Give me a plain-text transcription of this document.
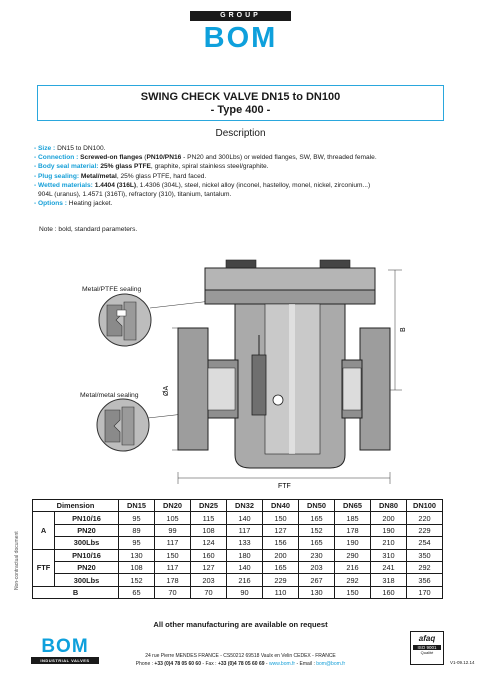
GROUP
BOM
SWING CHECK VALVE DN15 to DN100
- Type 400 -
Description
- Size : DN15 to DN100.
- Connection : Screwed-on flanges (PN10/PN16 - PN20 and 300Lbs) or welded flanges, SW, BW, threaded female.
- Body seal material: 25% glass PTFE, graphite, spiral stainless steel/graphite.
- Plug sealing: Metal/metal, 25% glass PTFE, hard faced.
- Wetted materials: 1.4404 (316L), 1.4306 (304L), steel, nickel alloy (inconel, hastelloy, monel, nickel, zirconium...)
904L (uranus), 1.4571 (316Ti), refractory (310), titanium, tantalum.
- Options : Heating jacket.
Note : bold, standard parameters.
Metal/PTFE sealing
Metal/metal sealing	ØA
FTF
B
Non-contractual document
Dimension		DN15	DN20	DN25	DN32	DN40	DN50	DN65	DN80	DN100
A	PN10/16	95	105	115	140	150	165	185	200	220
	PN20	89	99	108	117	127	152	178	190	229
	300Lbs	95	117	124	133	156	165	190	210	254
FTF	PN10/16	130	150	160	180	200	230	290	310	350
	PN20	108	117	127	140	165	203	216	241	292
	300Lbs	152	178	203	216	229	267	292	318	356
B		65	70	70	90	110	130	150	160	170
All other manufacturing are available on request
BOM
INDUSTRIAL VALVES
24 rue Pierre MENDES FRANCE - CS50212 69518 Vaulx en Velin CEDEX - FRANCE
Phone : +33 (0)4 78 05 60 60 - Fax : +33 (0)4 78 05 60 69 - www.bom.fr - Email : bom@bom.fr
afaq
ISO 9001
Qualité
V1-09.12.14
